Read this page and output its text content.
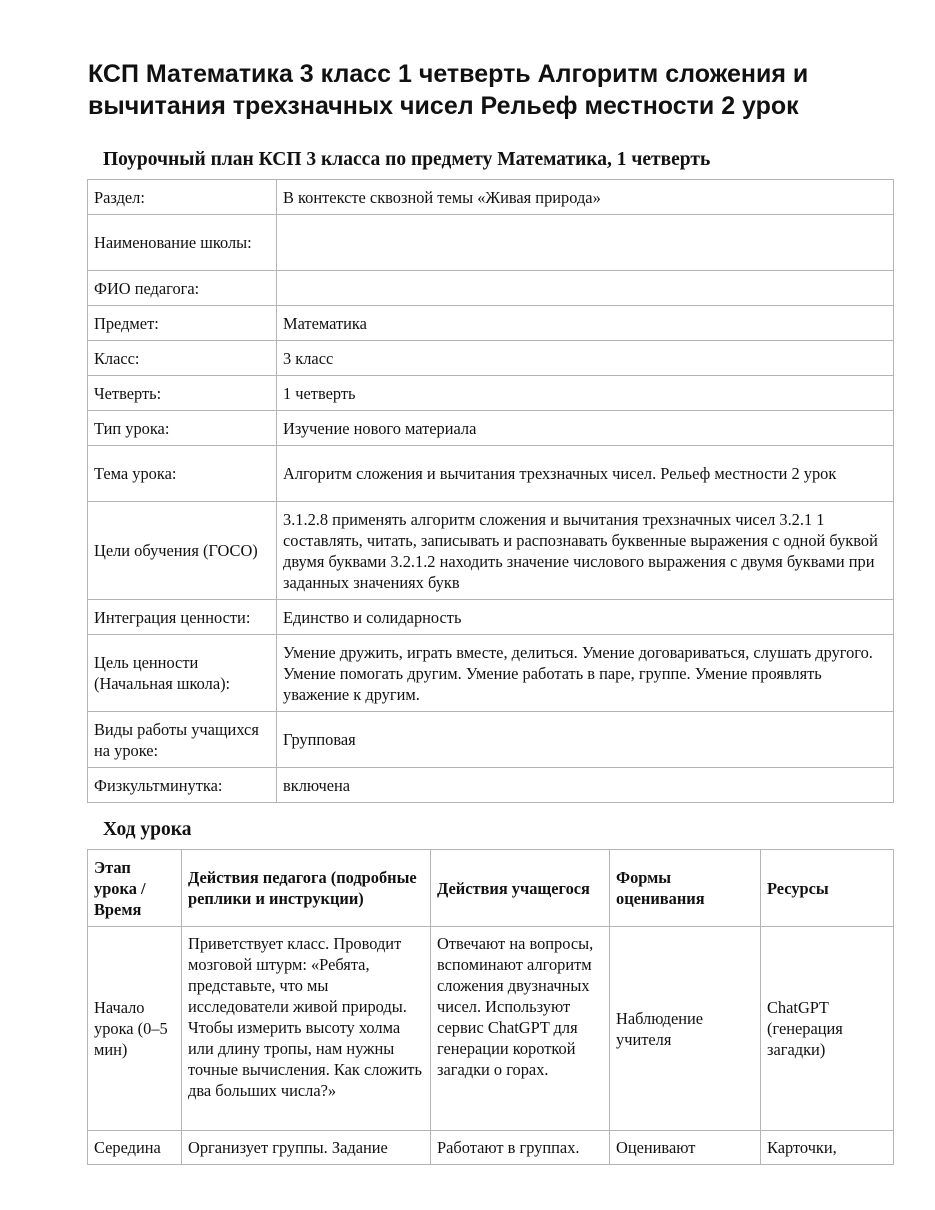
КСП Математика 3 класс 1 четверть Алгоритм сложения и вычитания трехзначных чисел Рельеф местности 2 урок
Поурочный план КСП 3 класса по предмету Математика, 1 четверть
Раздел:	В контексте сквозной темы «Живая природа»
Наименование школы:	
ФИО педагога:	
Предмет:	Математика
Класс:	3 класс
Четверть:	1 четверть
Тип урока:	Изучение нового материала
Тема урока:	Алгоритм сложения и вычитания трехзначных чисел. Рельеф местности 2 урок
Цели обучения (ГОСО)	3.1.2.8 применять алгоритм сложения и вычитания трехзначных чисел 3.2.1 1 составлять, читать, записывать и распознавать буквенные выражения с одной буквой двумя буквами 3.2.1.2 находить значение числового выражения с двумя буквами при заданных значениях букв
Интеграция ценности:	Единство и солидарность
Цель ценности (Начальная школа):	Умение дружить, играть вместе, делиться. Умение договариваться, слушать другого. Умение помогать другим. Умение работать в паре, группе. Умение проявлять уважение к другим.
Виды работы учащихся на уроке:	Групповая
Физкультминутка:	включена
Ход урока
Этап урока / Время	Действия педагога (подробные реплики и инструкции)	Действия учащегося	Формы оценивания	Ресурсы
Начало урока (0–5 мин)	Приветствует класс. Проводит мозговой штурм: «Ребята, представьте, что мы исследователи живой природы. Чтобы измерить высоту холма или длину тропы, нам нужны точные вычисления. Как сложить два больших числа?»	Отвечают на вопросы, вспоминают алгоритм сложения двузначных чисел. Используют сервис ChatGPT для генерации короткой загадки о горах.	Наблюдение учителя	ChatGPT (генерация загадки)
Середина	Организует группы. Задание	Работают в группах.	Оценивают	Карточки,
